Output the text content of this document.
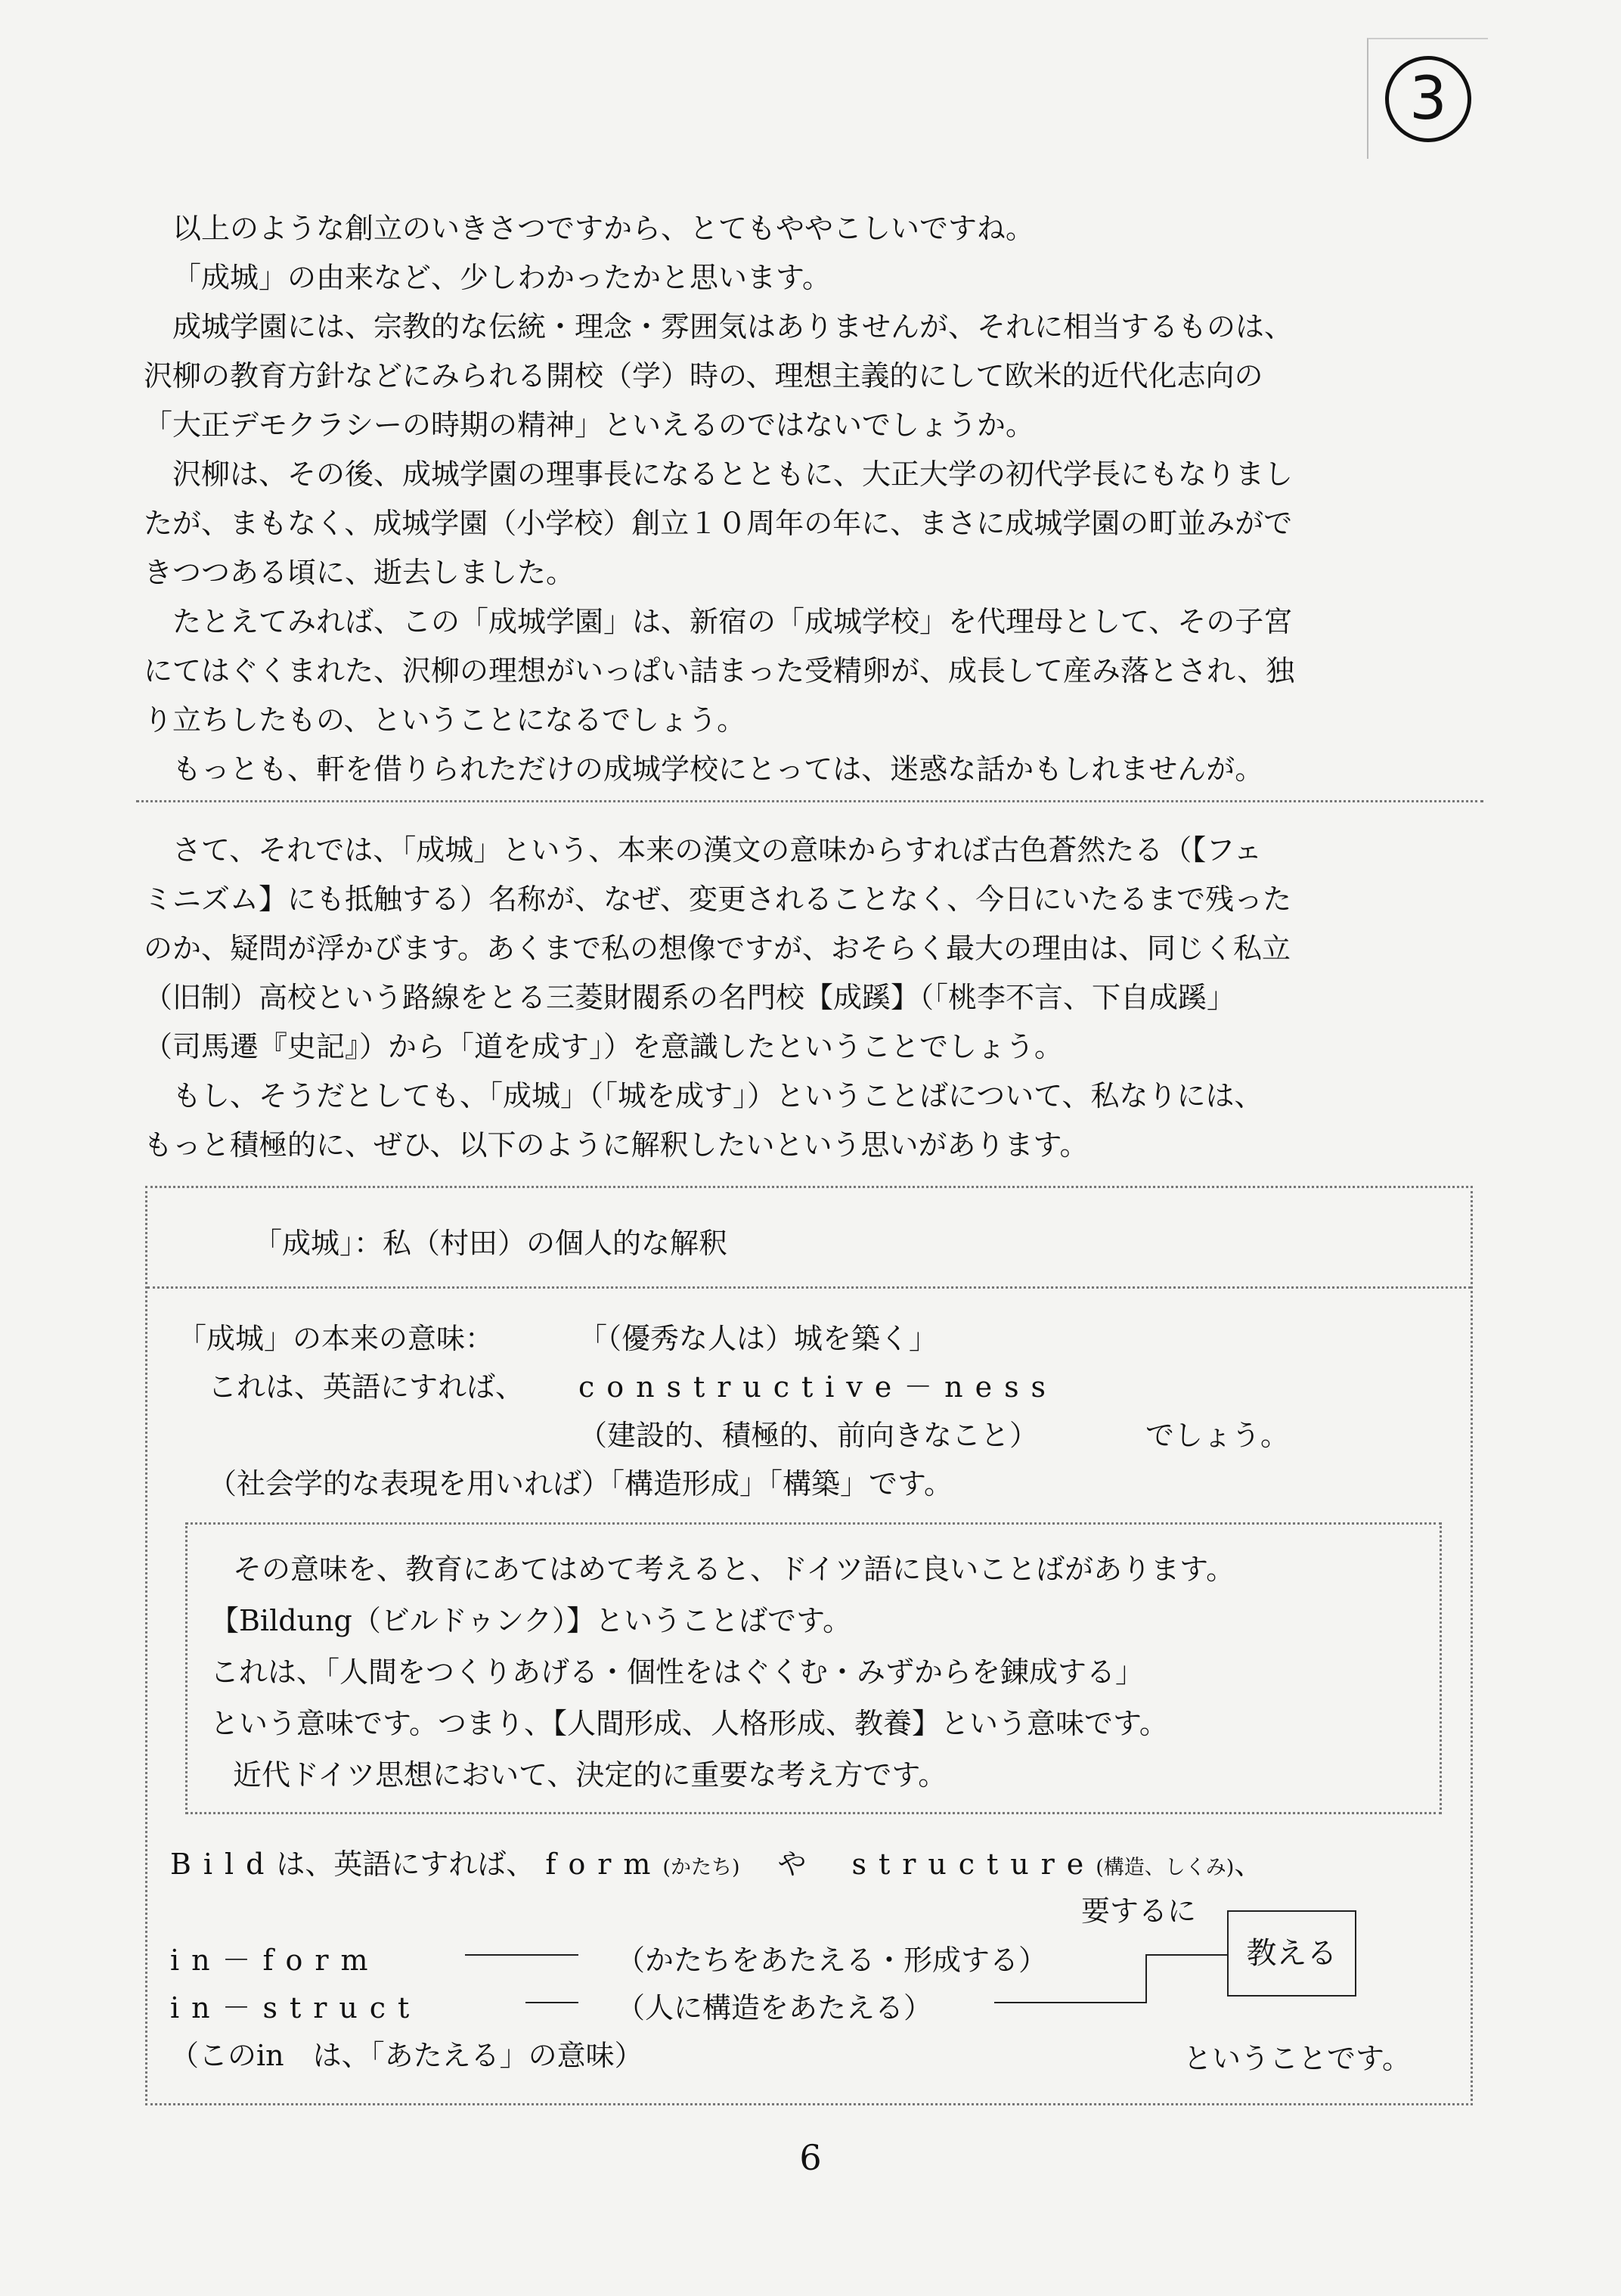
3
以上のような創立のいきさつですから、とてもややこしいですね。
「成城」の由来など、少しわかったかと思います。
成城学園には、宗教的な伝統・理念・雰囲気はありませんが、それに相当するものは、
沢柳の教育方針などにみられる開校（学）時の、理想主義的にして欧米的近代化志向の
「大正デモクラシーの時期の精神」といえるのではないでしょうか。
沢柳は、その後、成城学園の理事長になるとともに、大正大学の初代学長にもなりまし
たが、まもなく、成城学園（小学校）創立１０周年の年に、まさに成城学園の町並みがで
きつつある頃に、逝去しました。
たとえてみれば、この「成城学園」は、新宿の「成城学校」を代理母として、その子宮
にてはぐくまれた、沢柳の理想がいっぱい詰まった受精卵が、成長して産み落とされ、独
り立ちしたもの、ということになるでしょう。
もっとも、軒を借りられただけの成城学校にとっては、迷惑な話かもしれませんが。
さて、それでは、「成城」という、本来の漢文の意味からすれば古色蒼然たる（【フェ
ミニズム】にも抵触する）名称が、なぜ、変更されることなく、今日にいたるまで残った
のか、疑問が浮かびます。あくまで私の想像ですが、おそらく最大の理由は、同じく私立
（旧制）高校という路線をとる三菱財閥系の名門校【成蹊】（「桃李不言、下自成蹊」
（司馬遷『史記』）から「道を成す」）を意識したということでしょう。
もし、そうだとしても、「成城」（「城を成す」）ということばについて、私なりには、
もっと積極的に、ぜひ、以下のように解釈したいという思いがあります。
「成城」：私（村田）の個人的な解釈
「成城」の本来の意味：	「（優秀な人は）城を築く」
これは、英語にすれば、 constructive－ness
（建設的、積極的、前向きなこと）	でしょう。
（社会学的な表現を用いれば）「構造形成」「構築」です。
その意味を、教育にあてはめて考えると、ドイツ語に良いことばがあります。
【Bildung（ビルドゥンク）】ということばです。
これは、「人間をつくりあげる・個性をはぐくむ・みずからを錬成する」
という意味です。つまり、【人間形成、人格形成、教養】という意味です。
近代ドイツ思想において、決定的に重要な考え方です。
Bildは、英語にすれば、 form(かたち) や structure(構造、しくみ)、
要するに
in－form	（かたちをあたえる・形成する）
in－struct	（人に構造をあたえる）
教える
（このin　は、「あたえる」の意味）	ということです。
6
